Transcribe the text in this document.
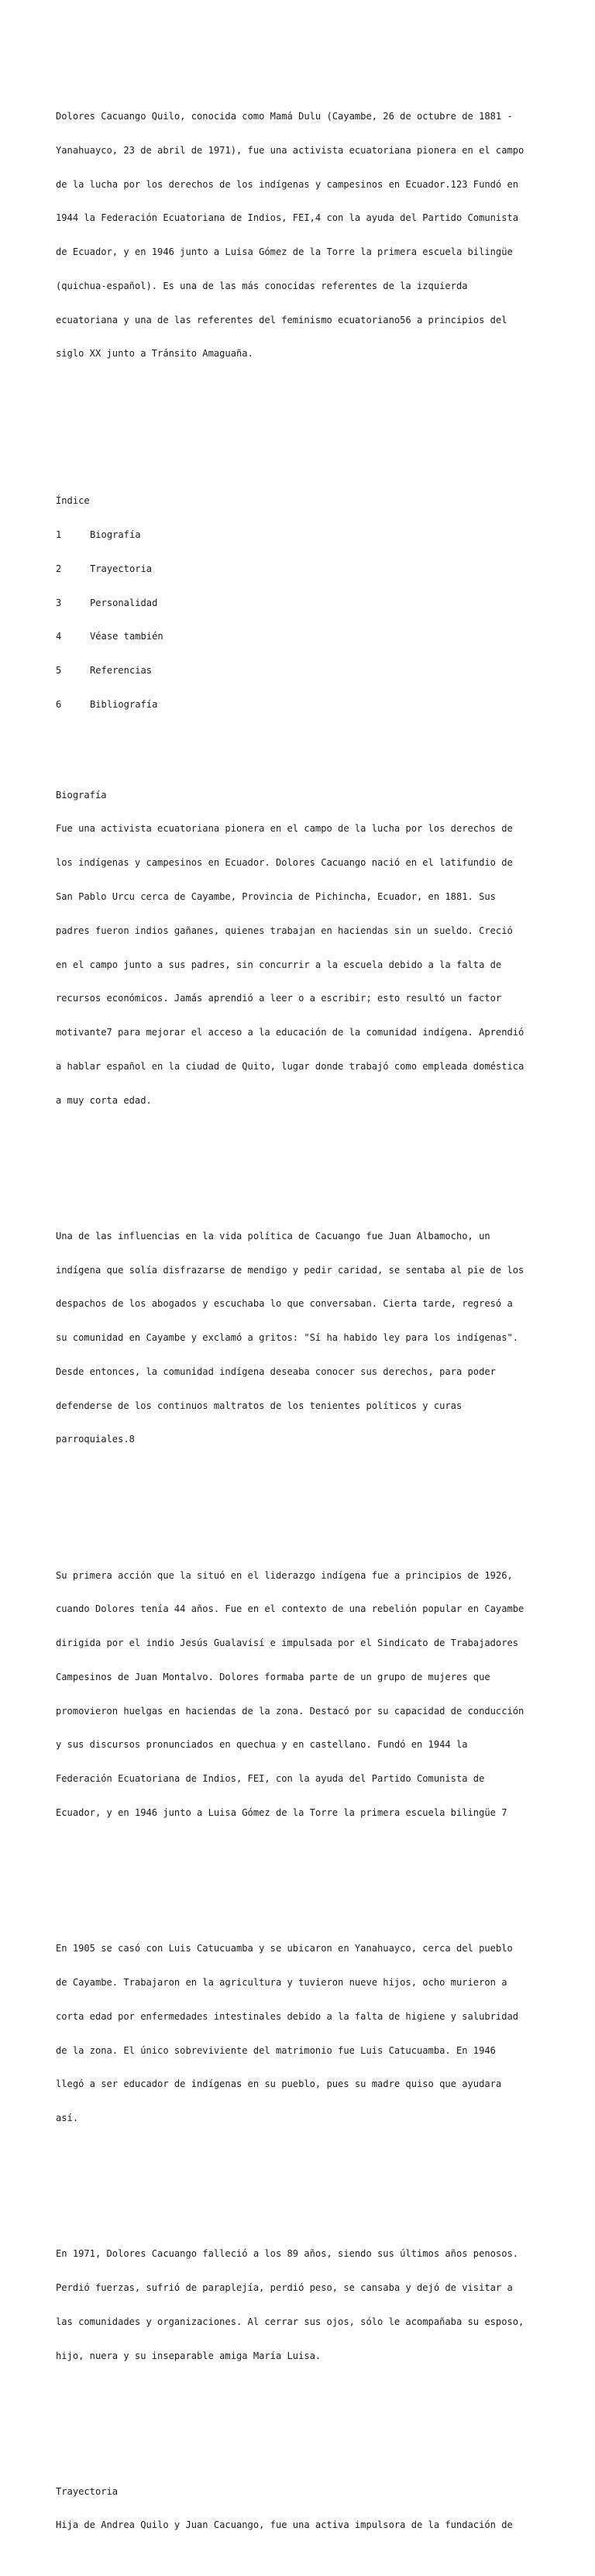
Dolores Cacuango Quilo, conocida como Mamá Dulu (Cayambe, 26 de octubre de 1881 -

Yanahuayco, 23 de abril de 1971), fue una activista ecuatoriana pionera en el campo

de la lucha por los derechos de los indígenas y campesinos en Ecuador.123 Fundó en

1944 la Federación Ecuatoriana de Indios, FEI,4 con la ayuda del Partido Comunista

de Ecuador, y en 1946 junto a Luisa Gómez de la Torre la primera escuela bilingüe

(quichua-español). Es una de las más conocidas referentes de la izquierda

ecuatoriana y una de las referentes del feminismo ecuatoriano56 a principios del

siglo XX junto a Tránsito Amaguaña.

Índice

1	Biografía

2	Trayectoria

3	Personalidad

4	Véase también

5	Referencias

6	Bibliografía

Biografía

Fue una activista ecuatoriana pionera en el campo de la lucha por los derechos de

los indígenas y campesinos en Ecuador. Dolores Cacuango nació en el latifundio de

San Pablo Urcu cerca de Cayambe, Provincia de Pichincha, Ecuador, en 1881. Sus

padres fueron indios gañanes, quienes trabajan en haciendas sin un sueldo. Creció

en el campo junto a sus padres, sin concurrir a la escuela debido a la falta de

recursos económicos. Jamás aprendió a leer o a escribir; esto resultó un factor

motivante7 para mejorar el acceso a la educación de la comunidad indígena. Aprendió

a hablar español en la ciudad de Quito, lugar donde trabajó como empleada doméstica

a muy corta edad.

Una de las influencias en la vida política de Cacuango fue Juan Albamocho, un

indígena que solía disfrazarse de mendigo y pedir caridad, se sentaba al pie de los

despachos de los abogados y escuchaba lo que conversaban. Cierta tarde, regresó a

su comunidad en Cayambe y exclamó a gritos: "Sí ha habido ley para los indígenas".

Desde entonces, la comunidad indígena deseaba conocer sus derechos, para poder

defenderse de los continuos maltratos de los tenientes políticos y curas

parroquiales.8

Su primera acción que la situó en el liderazgo indígena fue a principios de 1926,

cuando Dolores tenía 44 años. Fue en el contexto de una rebelión popular en Cayambe

dirigida por el indio Jesús Gualavisí e impulsada por el Sindicato de Trabajadores

Campesinos de Juan Montalvo. Dolores formaba parte de un grupo de mujeres que

promovieron huelgas en haciendas de la zona. Destacó por su capacidad de conducción

y sus discursos pronunciados en quechua y en castellano. Fundó en 1944 la

Federación Ecuatoriana de Indios, FEI, con la ayuda del Partido Comunista de

Ecuador, y en 1946 junto a Luisa Gómez de la Torre la primera escuela bilingüe 7

En 1905 se casó con Luis Catucuamba y se ubicaron en Yanahuayco, cerca del pueblo

de Cayambe. Trabajaron en la agricultura y tuvieron nueve hijos, ocho murieron a

corta edad por enfermedades intestinales debido a la falta de higiene y salubridad

de la zona. El único sobreviviente del matrimonio fue Luis Catucuamba. En 1946

llegó a ser educador de indígenas en su pueblo, pues su madre quiso que ayudara

así.

En 1971, Dolores Cacuango falleció a los 89 años, siendo sus últimos años penosos.

Perdió fuerzas, sufrió de paraplejía, perdió peso, se cansaba y dejó de visitar a

las comunidades y organizaciones. Al cerrar sus ojos, sólo le acompañaba su esposo,

hijo, nuera y su inseparable amiga María Luisa.

Trayectoria

Hija de Andrea Quilo y Juan Cacuango, fue una activa impulsora de la fundación de
